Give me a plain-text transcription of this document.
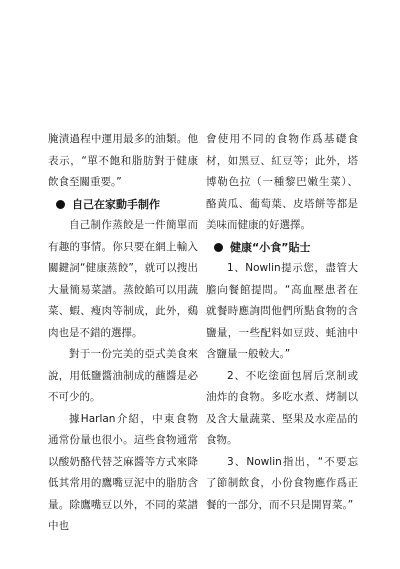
腌漬過程中運用最多的油類。他表示，“單不飽和脂肪對于健康飲食至關重要。”

自己在家動手制作

自己制作蒸餃是一件簡單而有趣的事情。你只要在網上輸入關鍵詞“健康蒸餃”，就可以搜出大量簡易菜譜。蒸餃餡可以用蔬菜、蝦、瘦肉等制成，此外，鷄肉也是不錯的選擇。

對于一份完美的亞式美食來說，用低鹽醬油制成的蘸醬是必不可少的。

據Harlan介紹，中東食物通常份量也很小。這些食物通常以酸奶酪代替芝麻醬等方式來降低其常用的鷹嘴豆泥中的脂肪含量。除鷹嘴豆以外，不同的菜譜中也

會使用不同的食物作爲基礎食材，如黑豆、紅豆等；此外，塔博勒色拉（一種黎巴嫩生菜）、酪黄瓜、葡萄葉、皮塔餅等都是美味而健康的好選擇。

健康“小食”貼士

1、Nowlin提示您，盡管大膽向餐館提問。“高血壓患者在就餐時應詢問他們所點食物的含鹽量，一些配料如豆豉、蚝油中含鹽量一般較大。”

2、不吃塗面包屑后烹制或油炸的食物。多吃水煮、烤制以及含大量蔬菜、堅果及水産品的食物。

3、Nowlin指出，“不要忘了節制飲食，小份食物應作爲正餐的一部分，而不只是開胃菜。”
